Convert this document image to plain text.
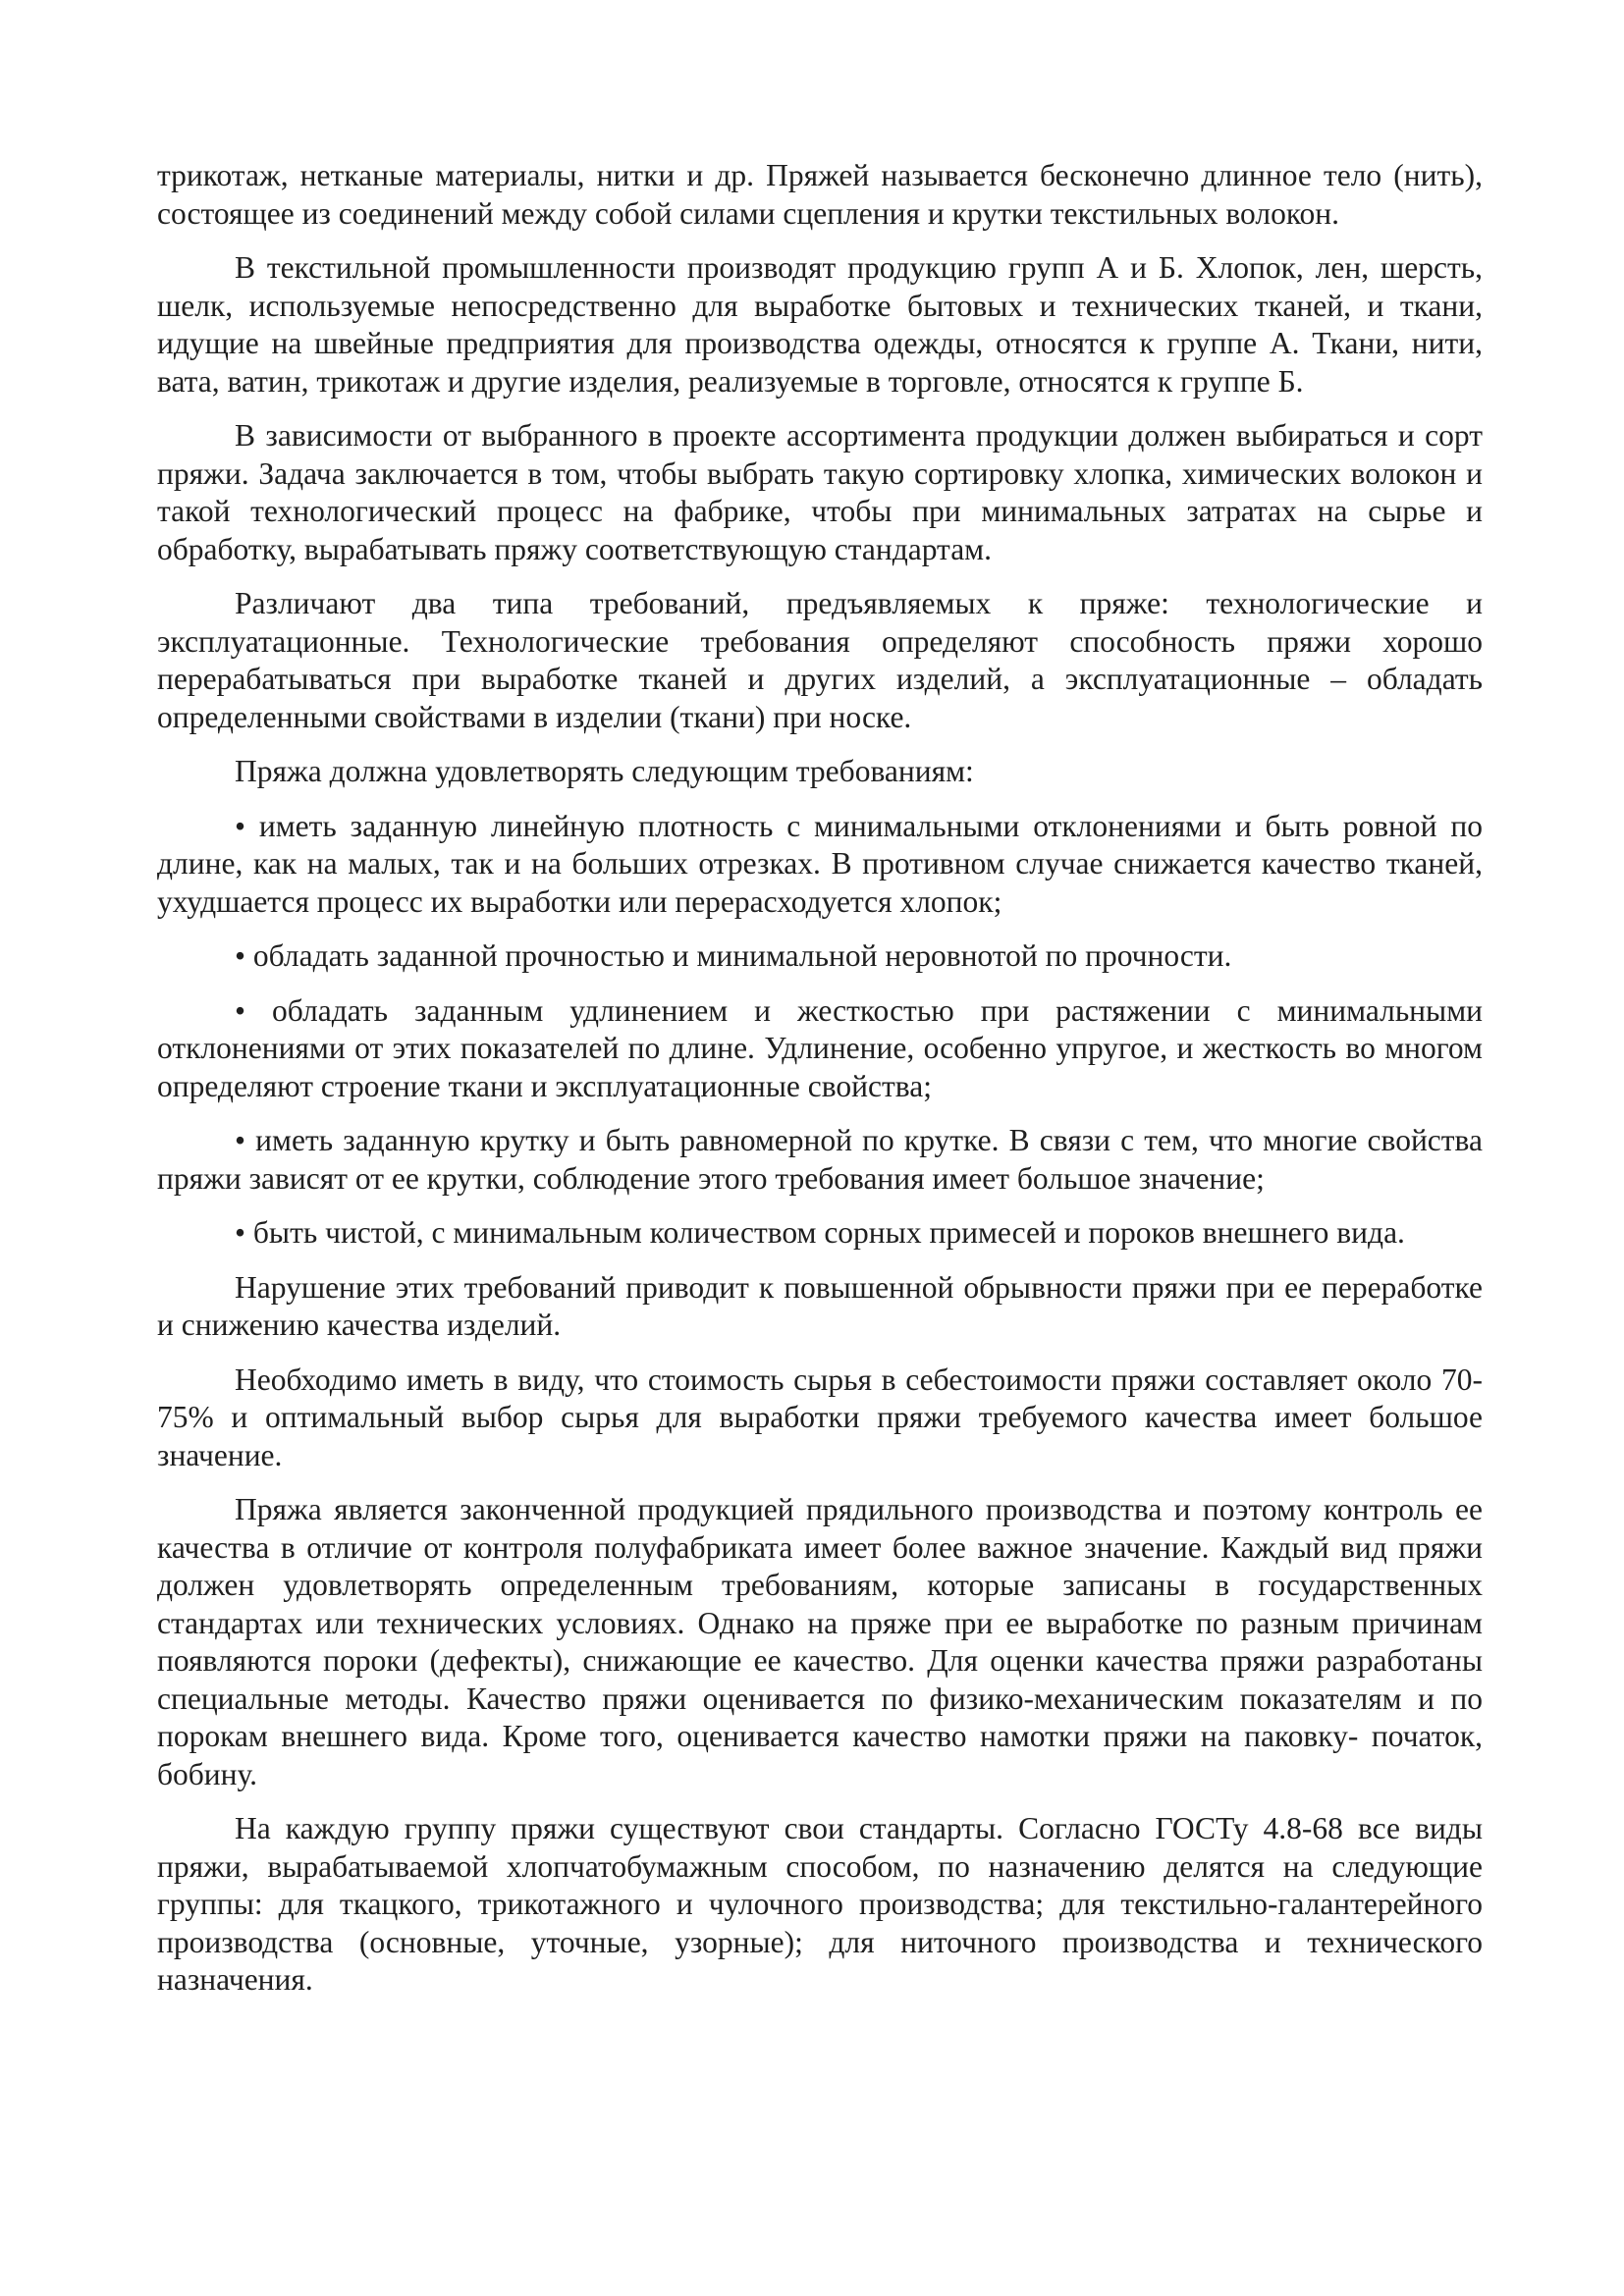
трикотаж, нетканые материалы, нитки и др. Пряжей называется бесконечно длинное тело (нить), состоящее из соединений между собой силами сцепления и крутки текстильных волокон.

В текстильной промышленности производят продукцию групп А и Б. Хлопок, лен, шерсть, шелк, используемые непосредственно для выработке бытовых и технических тканей, и ткани, идущие на швейные предприятия для производства одежды, относятся к группе А. Ткани, нити, вата, ватин, трикотаж и другие изделия, реализуемые в торговле, относятся к группе Б.

В зависимости от выбранного в проекте ассортимента продукции должен выбираться и сорт пряжи. Задача заключается в том, чтобы выбрать такую сортировку хлопка, химических волокон и такой технологический процесс на фабрике, чтобы при минимальных затратах на сырье и обработку, вырабатывать пряжу соответствующую стандартам.

Различают два типа требований, предъявляемых к пряже: технологические и эксплуатационные. Технологические требования определяют способность пряжи хорошо перерабатываться при выработке тканей и других изделий, а эксплуатационные – обладать определенными свойствами в изделии (ткани) при носке.

Пряжа должна удовлетворять следующим требованиям:

• иметь заданную линейную плотность с минимальными отклонениями и быть ровной по длине, как на малых, так и на больших отрезках. В противном случае снижается качество тканей, ухудшается процесс их выработки или перерасходуется хлопок;

• обладать заданной прочностью и минимальной неровнотой по прочности.

• обладать заданным удлинением и жесткостью при растяжении с минимальными отклонениями от этих показателей по длине. Удлинение, особенно упругое, и жесткость во многом определяют строение ткани и эксплуатационные свойства;

• иметь заданную крутку и быть равномерной по крутке. В связи с тем, что многие свойства пряжи зависят от ее крутки, соблюдение этого требования имеет большое значение;

• быть чистой, с минимальным количеством сорных примесей и пороков внешнего вида.

Нарушение этих требований приводит к повышенной обрывности пряжи при ее переработке и снижению качества изделий.

Необходимо иметь в виду, что стоимость сырья в себестоимости пряжи составляет около 70-75% и оптимальный выбор сырья для выработки пряжи требуемого качества имеет большое значение.

Пряжа является законченной продукцией прядильного производства и поэтому контроль ее качества в отличие от контроля полуфабриката имеет более важное значение. Каждый вид пряжи должен удовлетворять определенным требованиям, которые записаны в государственных стандартах или технических условиях. Однако на пряже при ее выработке по разным причинам появляются пороки (дефекты), снижающие ее качество. Для оценки качества пряжи разработаны специальные методы. Качество пряжи оценивается по физико-механическим показателям и по порокам внешнего вида. Кроме того, оценивается качество намотки пряжи на паковку- початок, бобину.

На каждую группу пряжи существуют свои стандарты. Согласно ГОСТу 4.8-68 все виды пряжи, вырабатываемой хлопчатобумажным способом, по назначению делятся на следующие группы: для ткацкого, трикотажного и чулочного производства; для текстильно-галантерейного производства (основные, уточные, узорные); для ниточного производства и технического назначения.
